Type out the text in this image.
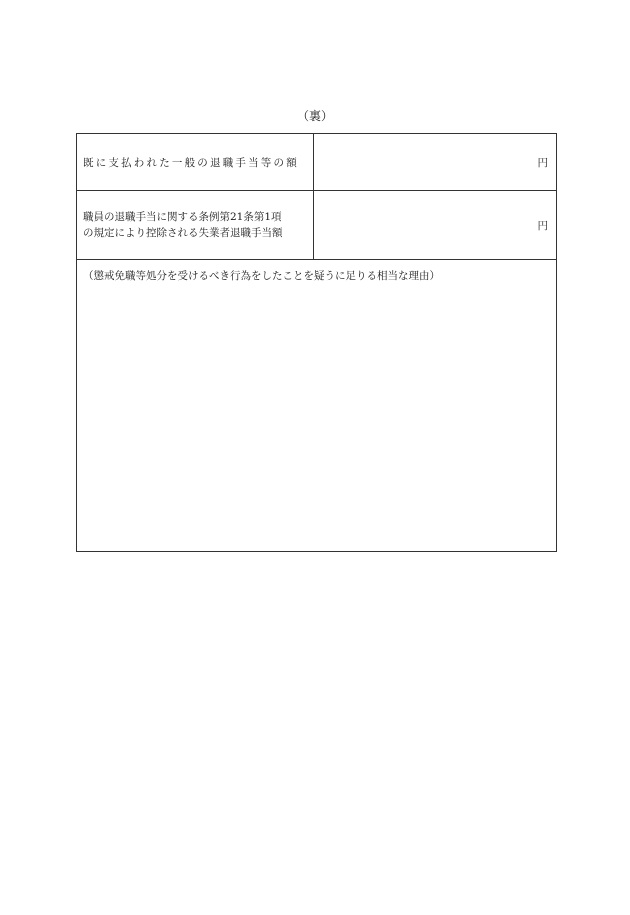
（裏）
既に支払われた一般の退職手当等の額	円
職員の退職手当に関する条例第21条第1項
の規定により控除される失業者退職手当額
円
（懲戒免職等処分を受けるべき行為をしたことを疑うに足りる相当な理由）
